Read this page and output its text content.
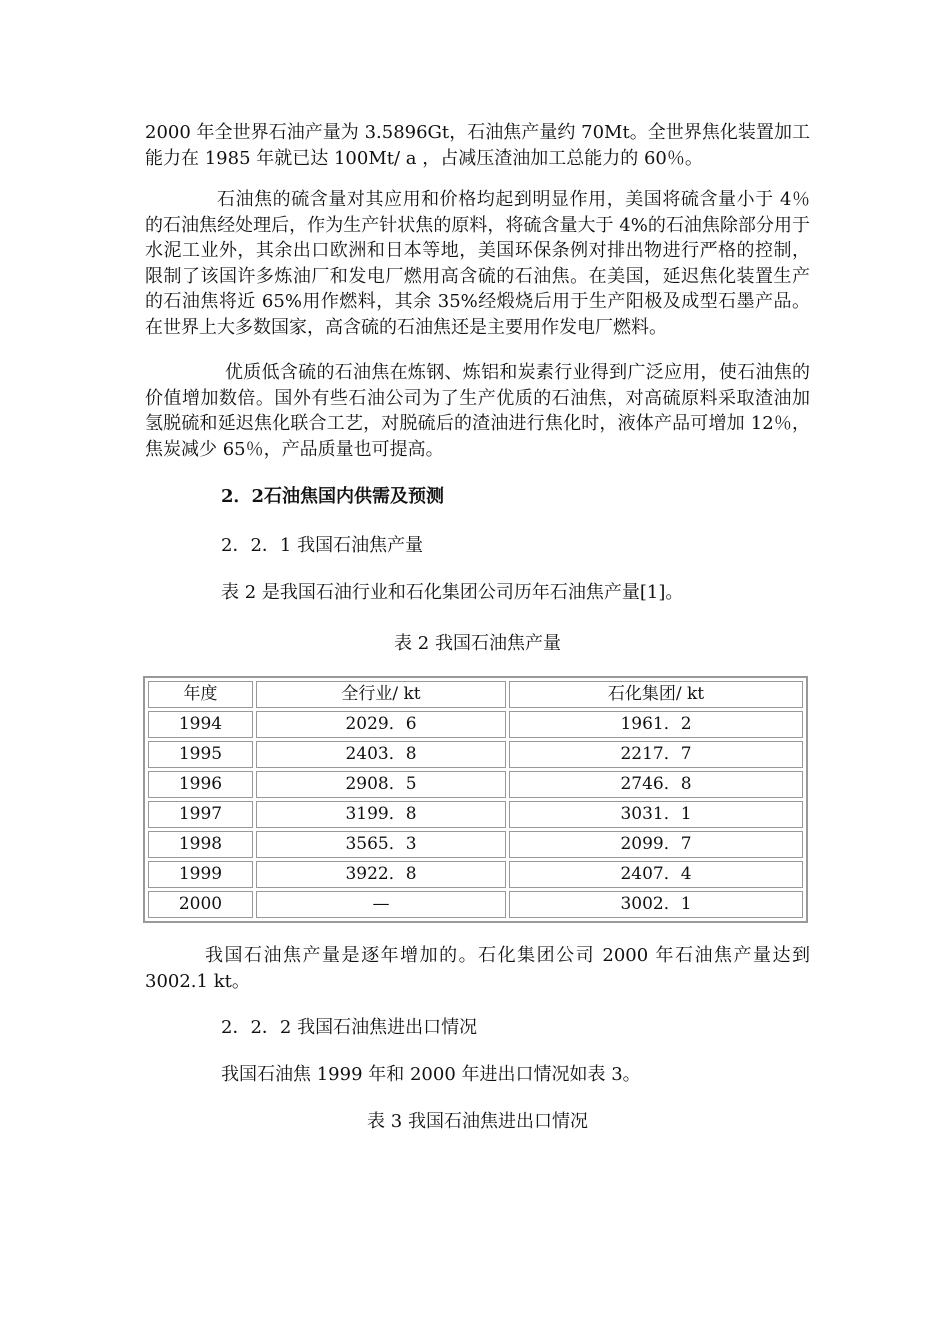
2000 年全世界石油产量为 3.5896Gt，石油焦产量约 70Mt。全世界焦化装置加工能力在 1985 年就已达 100Mt/ a ，占减压渣油加工总能力的 60％。

石油焦的硫含量对其应用和价格均起到明显作用，美国将硫含量小于 4％的石油焦经处理后，作为生产针状焦的原料，将硫含量大于 4%的石油焦除部分用于水泥工业外，其余出口欧洲和日本等地，美国环保条例对排出物进行严格的控制，限制了该国许多炼油厂和发电厂燃用高含硫的石油焦。在美国，延迟焦化装置生产的石油焦将近 65%用作燃料，其余 35%经煅烧后用于生产阳极及成型石墨产品。在世界上大多数国家，高含硫的石油焦还是主要用作发电厂燃料。

优质低含硫的石油焦在炼钢、炼铝和炭素行业得到广泛应用，使石油焦的价值增加数倍。国外有些石油公司为了生产优质的石油焦，对高硫原料采取渣油加氢脱硫和延迟焦化联合工艺，对脱硫后的渣油进行焦化时，液体产品可增加 12％，焦炭减少 65％，产品质量也可提高。

2．2石油焦国内供需及预测

2．2．1 我国石油焦产量

表 2 是我国石油行业和石化集团公司历年石油焦产量[1]。

表 2 我国石油焦产量

年度	全行业/ kt	石化集团/ kt
1994	2029．6	1961．2
1995	2403．8	2217．7
1996	2908．5	2746．8
1997	3199．8	3031．1
1998	3565．3	2099．7
1999	3922．8	2407．4
2000	—	3002．1

我国石油焦产量是逐年增加的。石化集团公司 2000 年石油焦产量达到 3002.1 kt。

2．2．2 我国石油焦进出口情况

我国石油焦 1999 年和 2000 年进出口情况如表 3。

表 3 我国石油焦进出口情况
